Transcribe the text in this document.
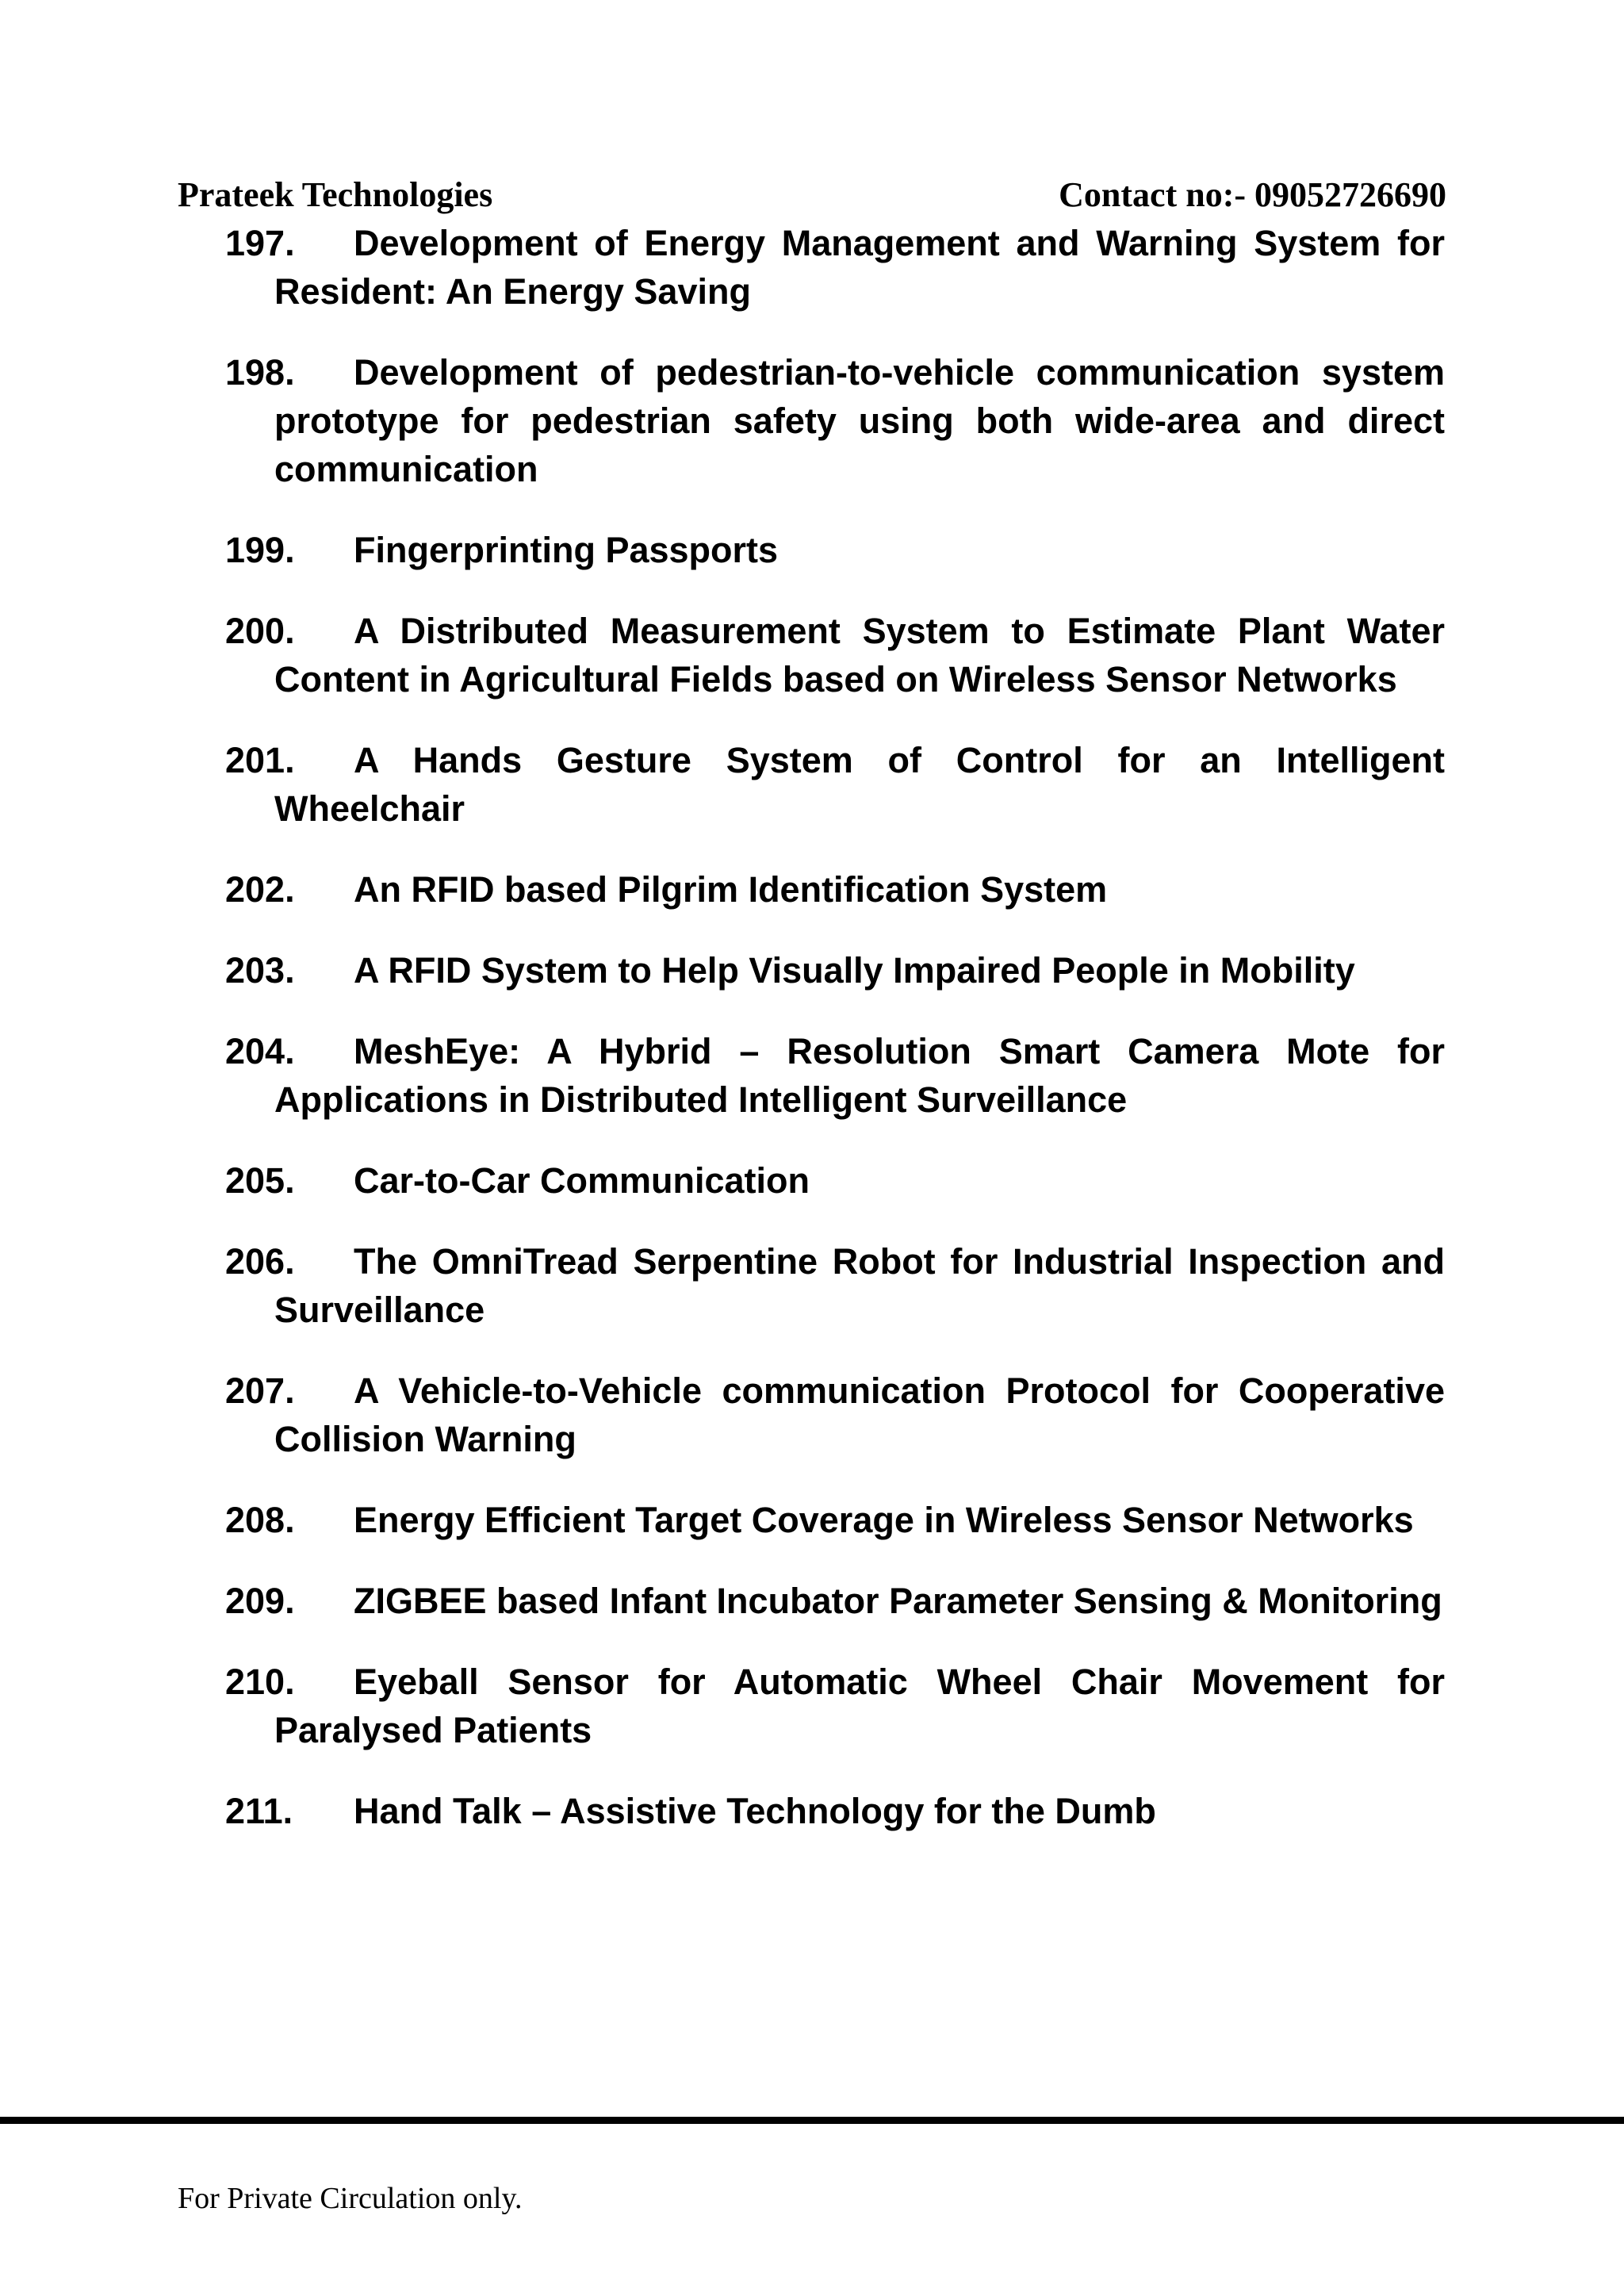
Prateek Technologies	Contact no:- 09052726690
197. Development of Energy Management and Warning System for Resident: An Energy Saving
198. Development of pedestrian-to-vehicle communication system prototype for pedestrian safety using both wide-area and direct communication
199. Fingerprinting Passports
200. A Distributed Measurement System to Estimate Plant Water Content in Agricultural Fields based on Wireless Sensor Networks
201. A Hands Gesture System of Control for an Intelligent Wheelchair
202. An RFID based Pilgrim Identification System
203. A RFID System to Help Visually Impaired People in Mobility
204. MeshEye: A Hybrid – Resolution Smart Camera Mote for Applications in Distributed Intelligent Surveillance
205. Car-to-Car Communication
206. The OmniTread Serpentine Robot for Industrial Inspection and Surveillance
207. A Vehicle-to-Vehicle communication Protocol for Cooperative Collision Warning
208. Energy Efficient Target Coverage in Wireless Sensor Networks
209. ZIGBEE based Infant Incubator Parameter Sensing & Monitoring
210. Eyeball Sensor for Automatic Wheel Chair Movement for Paralysed Patients
211. Hand Talk – Assistive Technology for the Dumb
For Private Circulation only.
